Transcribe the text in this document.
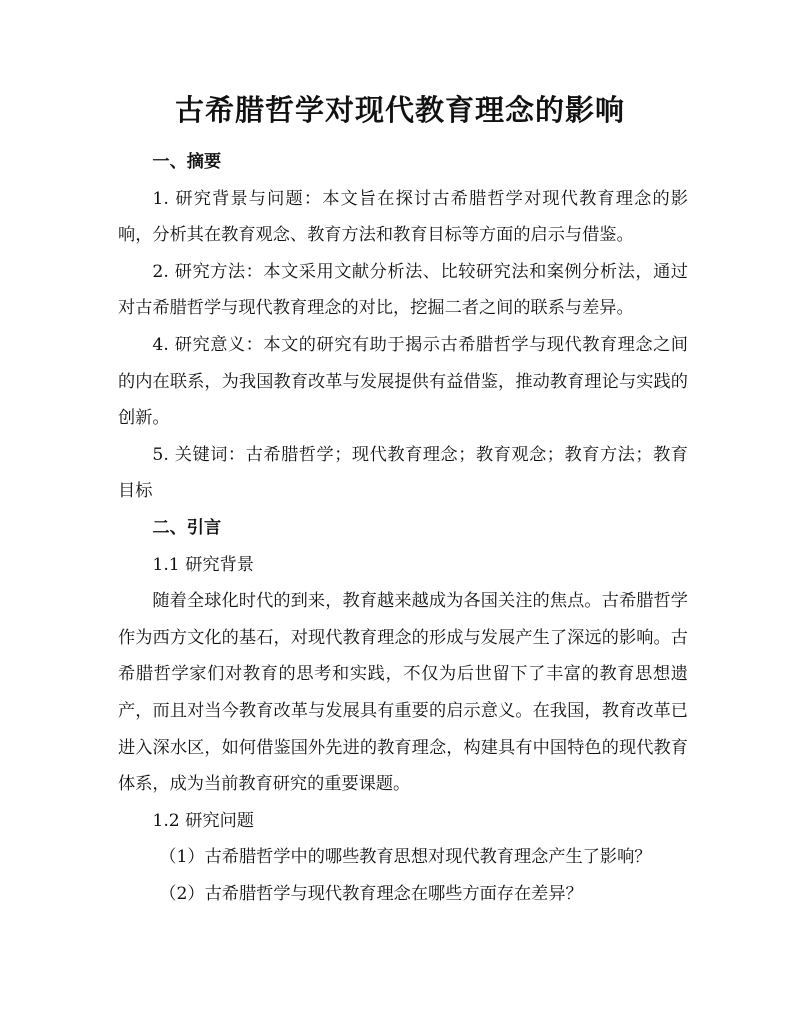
古希腊哲学对现代教育理念的影响

一、摘要

1. 研究背景与问题：本文旨在探讨古希腊哲学对现代教育理念的影响，分析其在教育观念、教育方法和教育目标等方面的启示与借鉴。

2. 研究方法：本文采用文献分析法、比较研究法和案例分析法，通过对古希腊哲学与现代教育理念的对比，挖掘二者之间的联系与差异。

4. 研究意义：本文的研究有助于揭示古希腊哲学与现代教育理念之间的内在联系，为我国教育改革与发展提供有益借鉴，推动教育理论与实践的创新。

5. 关键词：古希腊哲学；现代教育理念；教育观念；教育方法；教育目标

二、引言

1.1 研究背景

随着全球化时代的到来，教育越来越成为各国关注的焦点。古希腊哲学作为西方文化的基石，对现代教育理念的形成与发展产生了深远的影响。古希腊哲学家们对教育的思考和实践，不仅为后世留下了丰富的教育思想遗产，而且对当今教育改革与发展具有重要的启示意义。在我国，教育改革已进入深水区，如何借鉴国外先进的教育理念，构建具有中国特色的现代教育体系，成为当前教育研究的重要课题。

1.2 研究问题

（1）古希腊哲学中的哪些教育思想对现代教育理念产生了影响？

（2）古希腊哲学与现代教育理念在哪些方面存在差异？
